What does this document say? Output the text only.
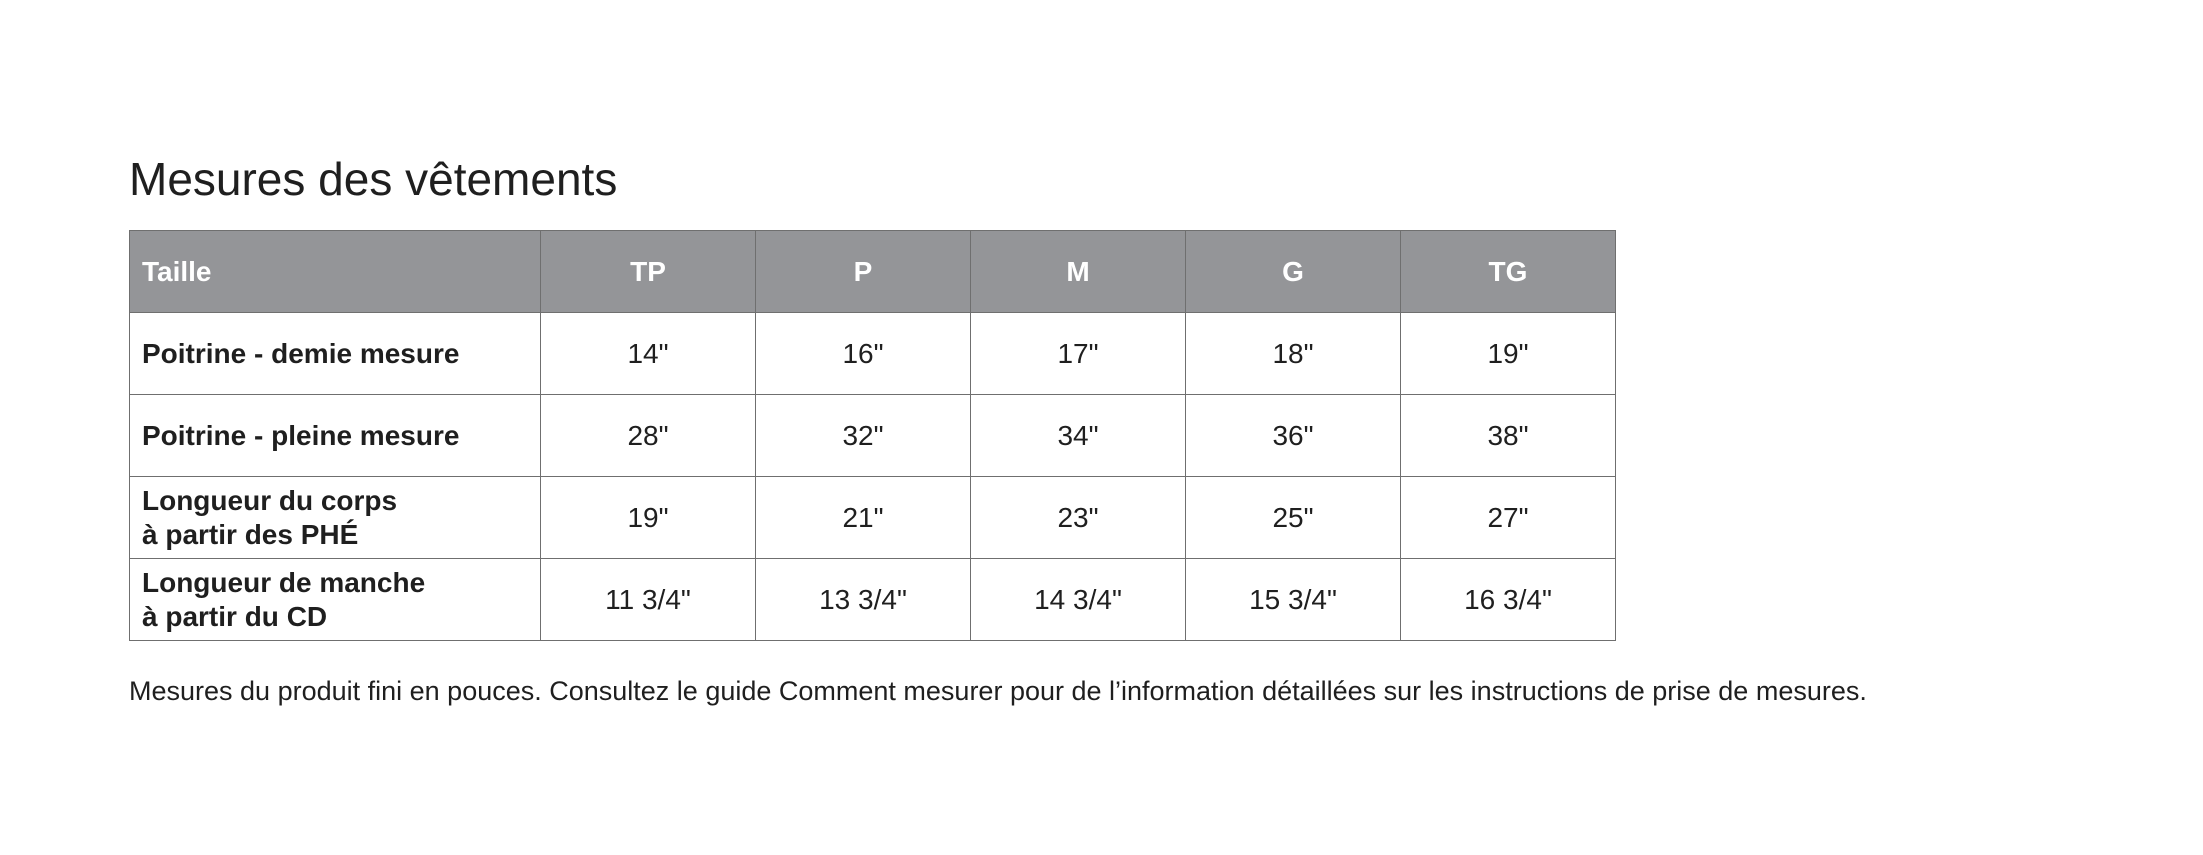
Mesures des vêtements
Taille	TP	P	M	G	TG

Poitrine - demie mesure	14"	16"	17"	18"	19"

Poitrine - pleine mesure	28"	32"	34"	36"	38"

Longueur du corps
à partir des PHÉ	19"	21"	23"	25"	27"

Longueur de manche
à partir du CD	11 3/4"	13 3/4"	14 3/4"	15 3/4"	16 3/4"

Mesures du produit fini en pouces. Consultez le guide Comment mesurer pour de l’information détaillées sur les instructions de prise de mesures.
